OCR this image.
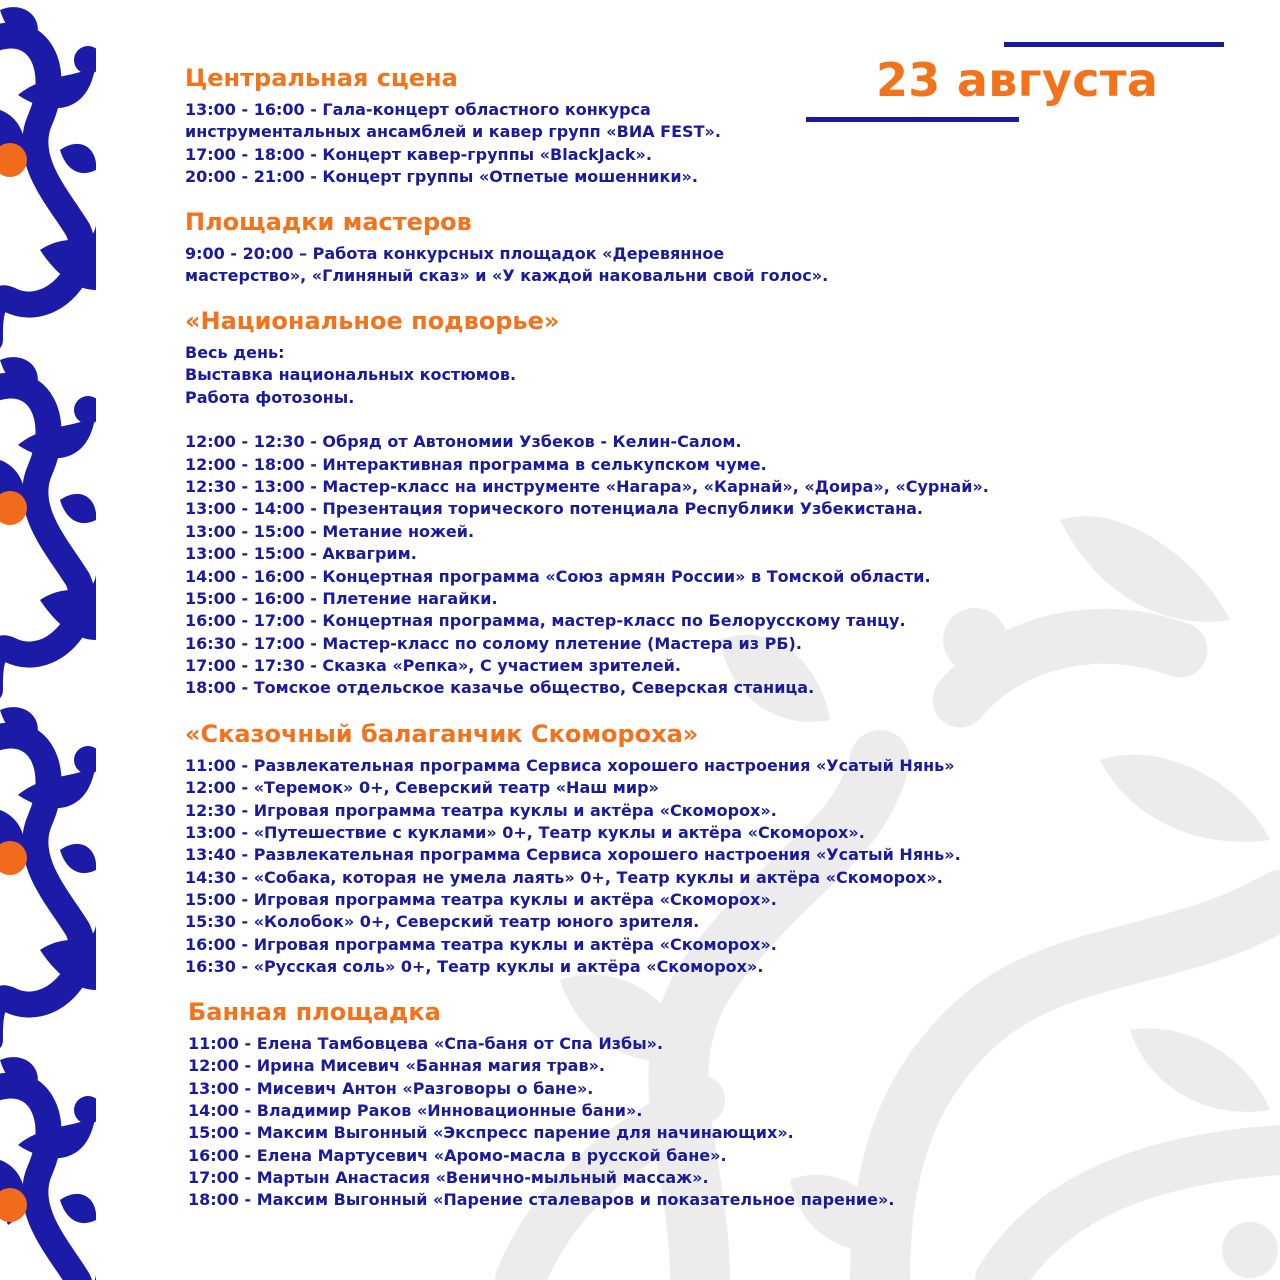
23 августа
Центральная сцена
13:00 - 16:00 - Гала-концерт областного конкурса
инструментальных ансамблей и кавер групп «ВИА FEST».
17:00 - 18:00 - Концерт кавер-группы «BlackJack».
20:00 - 21:00 - Концерт группы «Отпетые мошенники».
Площадки мастеров
9:00 - 20:00 – Работа конкурсных площадок «Деревянное
мастерство», «Глиняный сказ» и «У каждой наковальни свой голос».
«Национальное подворье»
Весь день:
Выставка национальных костюмов.
Работа фотозоны.
12:00 - 12:30 - Обряд от Автономии Узбеков - Келин-Салом.
12:00 - 18:00 - Интерактивная программа в селькупском чуме.
12:30 - 13:00 - Мастер-класс на инструменте «Нагара», «Карнай», «Доира», «Сурнай».
13:00 - 14:00 - Презентация торического потенциала Республики Узбекистана.
13:00 - 15:00 - Метание ножей.
13:00 - 15:00 - Аквагрим.
14:00 - 16:00 - Концертная программа «Союз армян России» в Томской области.
15:00 - 16:00 - Плетение нагайки.
16:00 - 17:00 - Концертная программа, мастер-класс по Белорусскому танцу.
16:30 - 17:00 - Мастер-класс по солому плетение (Мастера из РБ).
17:00 - 17:30 - Сказка «Репка», С участием зрителей.
18:00 - Томское отдельское казачье общество, Северская станица.
«Сказочный балаганчик Скомороха»
11:00 - Развлекательная программа Сервиса хорошего настроения «Усатый Нянь»
12:00 - «Теремок» 0+, Северский театр «Наш мир»
12:30 - Игровая программа театра куклы и актёра «Скоморох».
13:00 - «Путешествие с куклами» 0+, Театр куклы и актёра «Скоморох».
13:40 - Развлекательная программа Сервиса хорошего настроения «Усатый Нянь».
14:30 - «Собака, которая не умела лаять» 0+, Театр куклы и актёра «Скоморох».
15:00 - Игровая программа театра куклы и актёра «Скоморох».
15:30 - «Колобок» 0+, Северский театр юного зрителя.
16:00 - Игровая программа театра куклы и актёра «Скоморох».
16:30 - «Русская соль» 0+, Театр куклы и актёра «Скоморох».
Банная площадка
11:00 - Елена Тамбовцева «Спа-баня от Спа Избы».
12:00 - Ирина Мисевич «Банная магия трав».
13:00 - Мисевич Антон «Разговоры о бане».
14:00 - Владимир Раков «Инновационные бани».
15:00 - Максим Выгонный «Экспресс парение для начинающих».
16:00 - Елена Мартусевич «Аромо-масла в русской бане».
17:00 - Мартын Анастасия «Веничнo-мыльный массаж».
18:00 - Максим Выгонный «Парение сталеваров и показательное парение».
